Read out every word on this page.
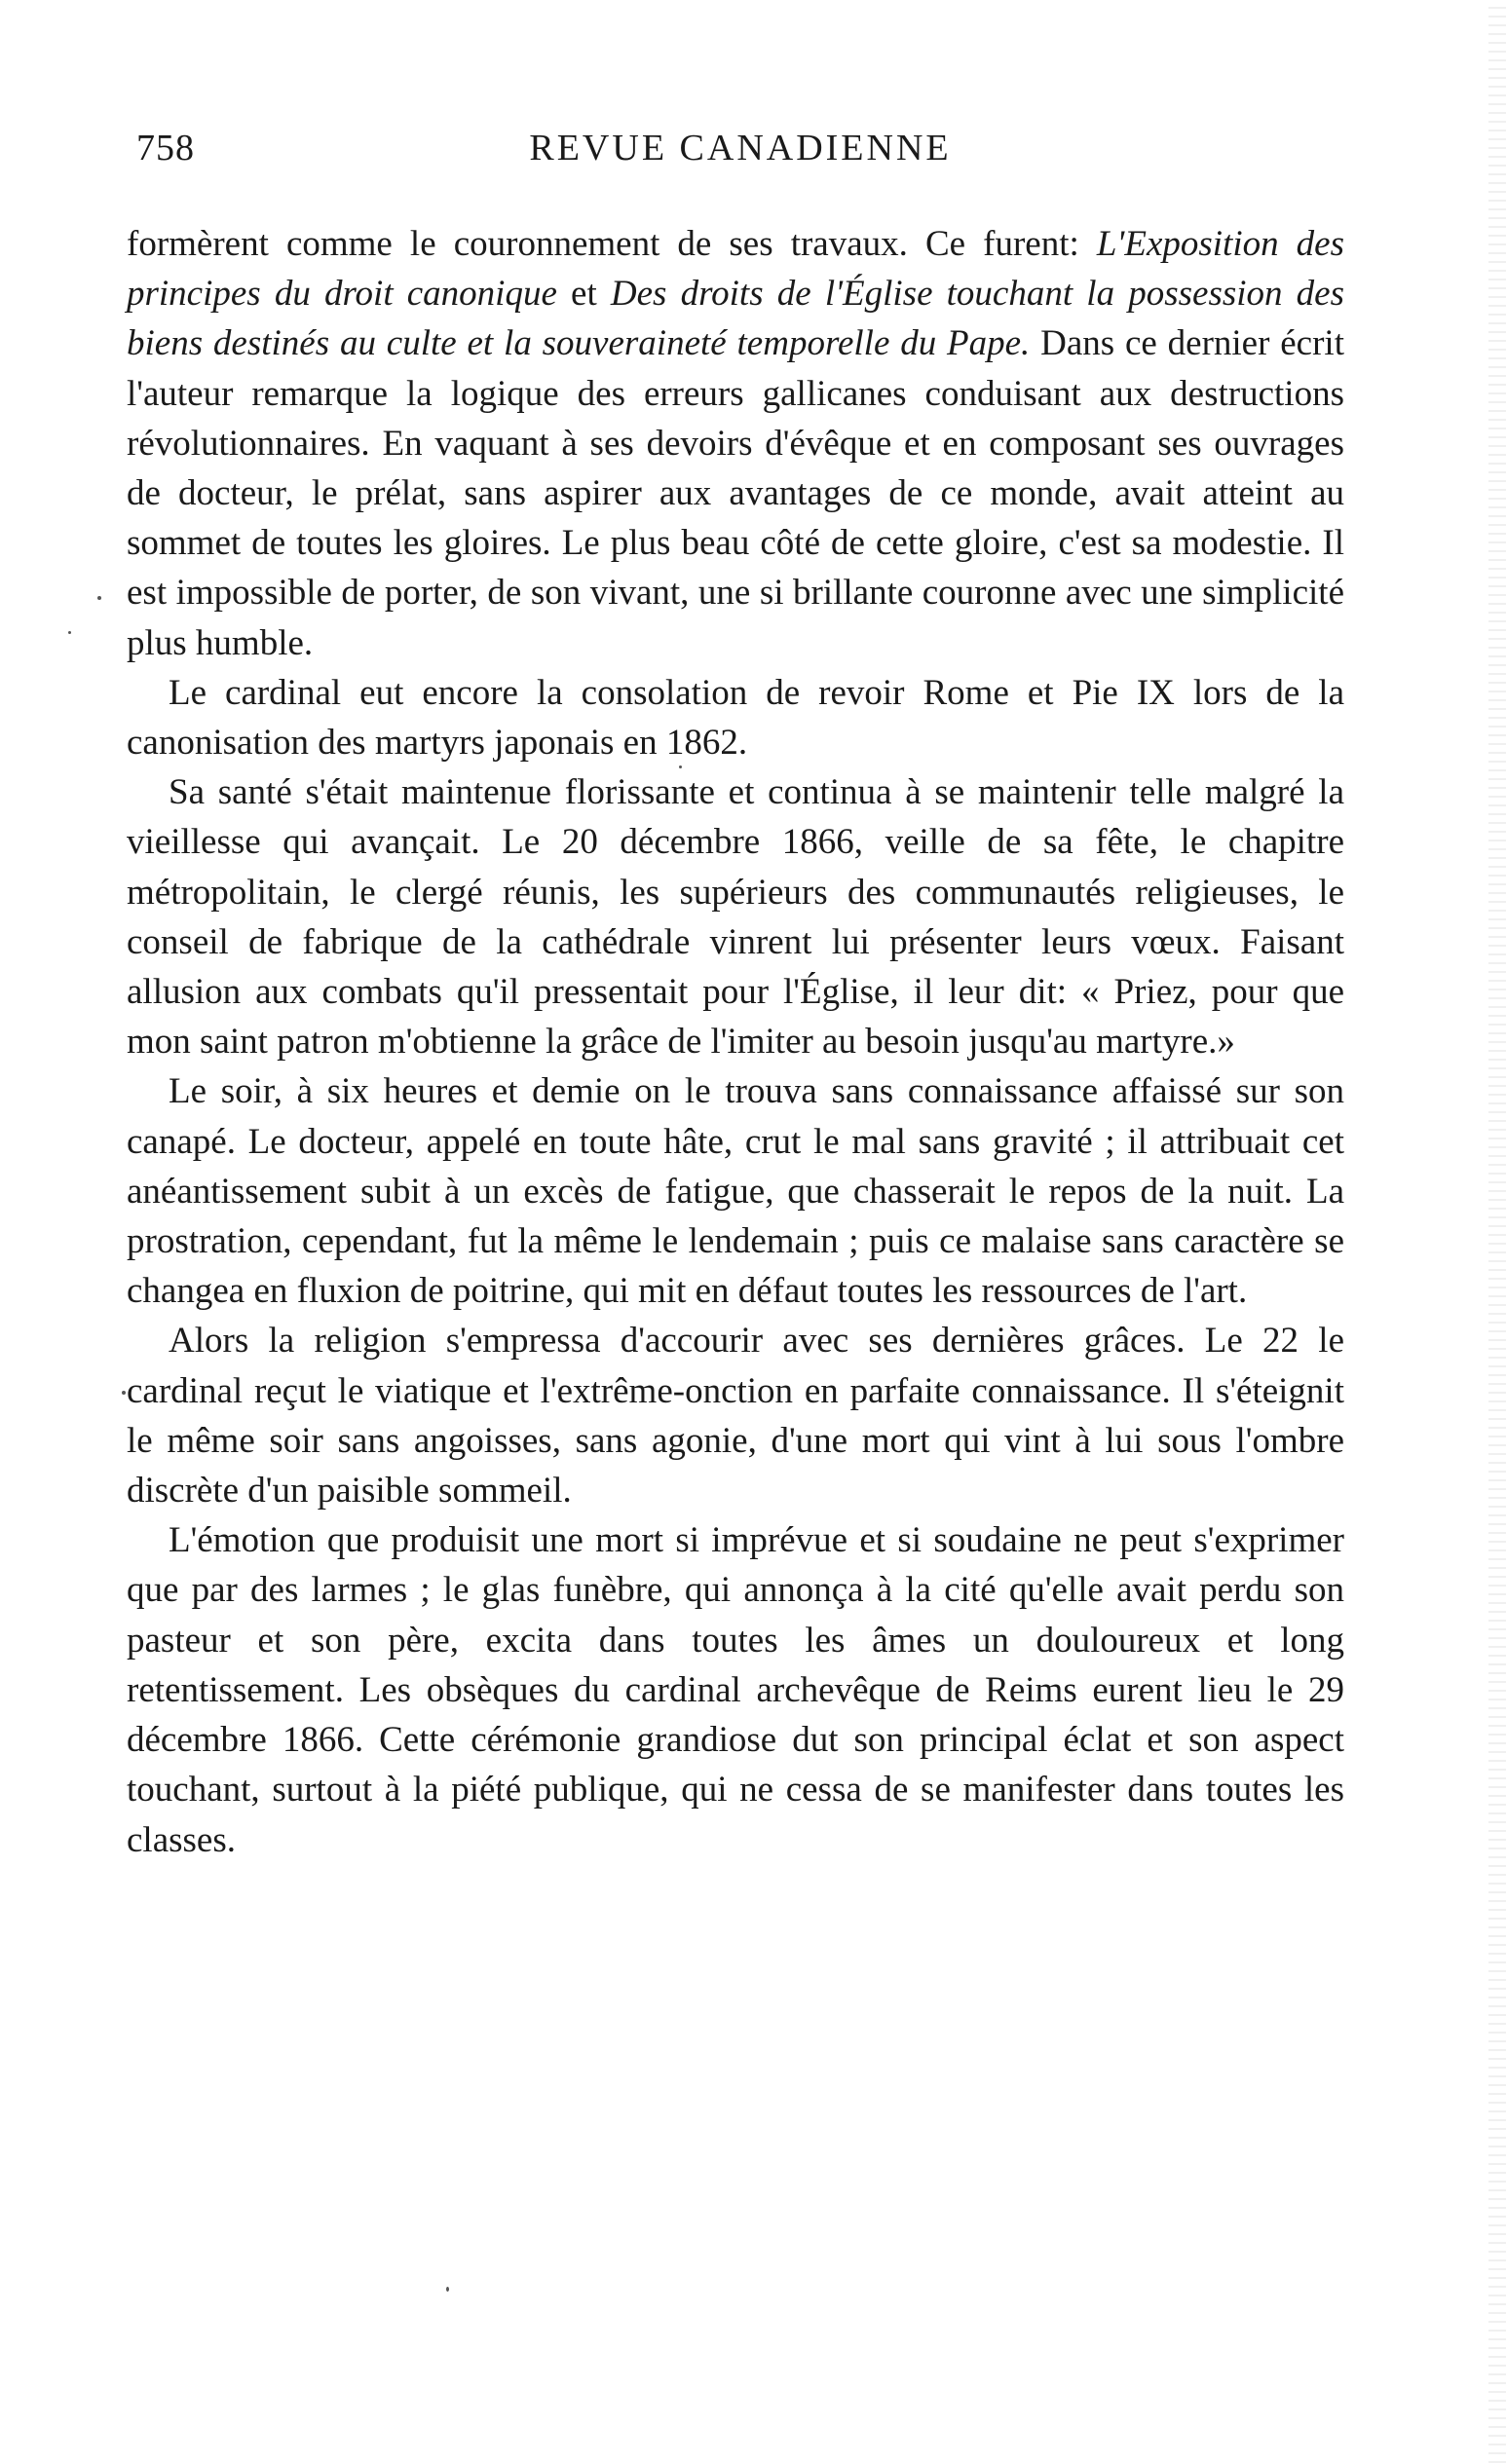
758	REVUE CANADIENNE

formèrent comme le couronnement de ses travaux. Ce furent: L'Exposition des principes du droit canonique et Des droits de l'Église touchant la possession des biens destinés au culte et la souveraineté temporelle du Pape. Dans ce dernier écrit l'auteur remarque la logique des erreurs gallicanes conduisant aux destructions révolutionnaires. En vaquant à ses devoirs d'évêque et en composant ses ouvrages de docteur, le prélat, sans aspirer aux avantages de ce monde, avait atteint au sommet de toutes les gloires. Le plus beau côté de cette gloire, c'est sa modestie. Il est impossible de porter, de son vivant, une si brillante couronne avec une simplicité plus humble.

Le cardinal eut encore la consolation de revoir Rome et Pie IX lors de la canonisation des martyrs japonais en 1862.

Sa santé s'était maintenue florissante et continua à se maintenir telle malgré la vieillesse qui avançait. Le 20 décembre 1866, veille de sa fête, le chapitre métropolitain, le clergé réunis, les supérieurs des communautés religieuses, le conseil de fabrique de la cathédrale vinrent lui présenter leurs vœux. Faisant allusion aux combats qu'il pressentait pour l'Église, il leur dit: « Priez, pour que mon saint patron m'obtienne la grâce de l'imiter au besoin jusqu'au martyre.»

Le soir, à six heures et demie on le trouva sans connaissance affaissé sur son canapé. Le docteur, appelé en toute hâte, crut le mal sans gravité ; il attribuait cet anéantissement subit à un excès de fatigue, que chasserait le repos de la nuit. La prostration, cependant, fut la même le lendemain ; puis ce malaise sans caractère se changea en fluxion de poitrine, qui mit en défaut toutes les ressources de l'art.

Alors la religion s'empressa d'accourir avec ses dernières grâces. Le 22 le cardinal reçut le viatique et l'extrême-onction en parfaite connaissance. Il s'éteignit le même soir sans angoisses, sans agonie, d'une mort qui vint à lui sous l'ombre discrète d'un paisible sommeil.

L'émotion que produisit une mort si imprévue et si soudaine ne peut s'exprimer que par des larmes ; le glas funèbre, qui annonça à la cité qu'elle avait perdu son pasteur et son père, excita dans toutes les âmes un douloureux et long retentissement. Les obsèques du cardinal archevêque de Reims eurent lieu le 29 décembre 1866. Cette cérémonie grandiose dut son principal éclat et son aspect touchant, surtout à la piété publique, qui ne cessa de se manifester dans toutes les classes.
